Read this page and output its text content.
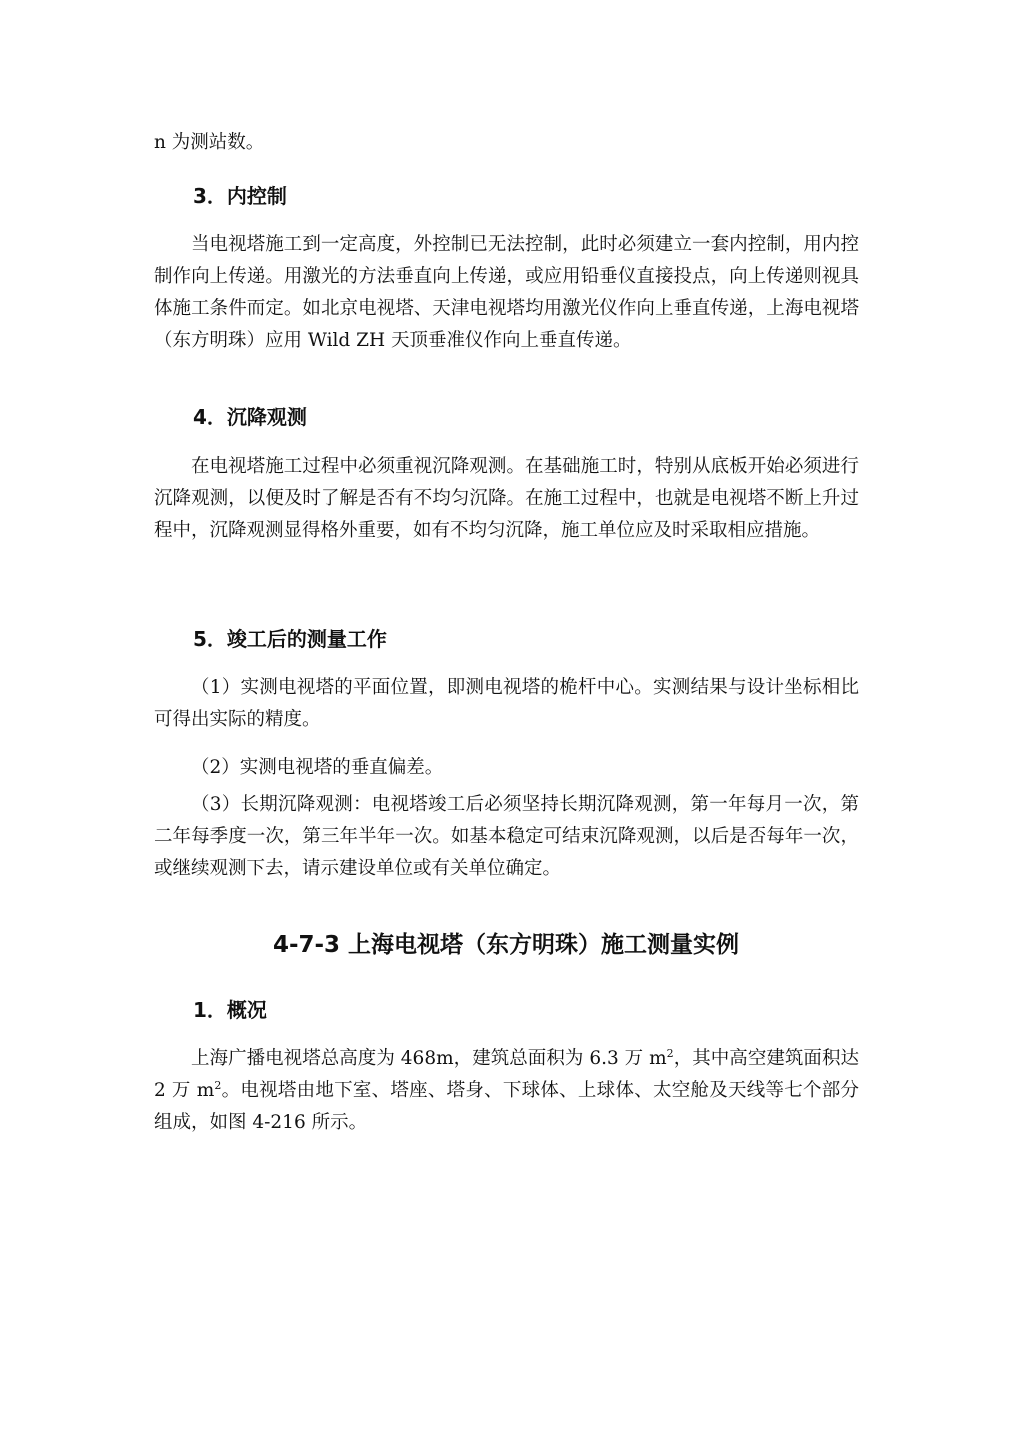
n 为测站数。

3．内控制

当电视塔施工到一定高度，外控制已无法控制，此时必须建立一套内控制，用内控制作向上传递。用激光的方法垂直向上传递，或应用铅垂仪直接投点，向上传递则视具体施工条件而定。如北京电视塔、天津电视塔均用激光仪作向上垂直传递，上海电视塔（东方明珠）应用 Wild ZH 天顶垂准仪作向上垂直传递。

4．沉降观测

在电视塔施工过程中必须重视沉降观测。在基础施工时，特别从底板开始必须进行沉降观测，以便及时了解是否有不均匀沉降。在施工过程中，也就是电视塔不断上升过程中，沉降观测显得格外重要，如有不均匀沉降，施工单位应及时采取相应措施。

5．竣工后的测量工作

（1）实测电视塔的平面位置，即测电视塔的桅杆中心。实测结果与设计坐标相比可得出实际的精度。

（2）实测电视塔的垂直偏差。

（3）长期沉降观测：电视塔竣工后必须坚持长期沉降观测，第一年每月一次，第二年每季度一次，第三年半年一次。如基本稳定可结束沉降观测，以后是否每年一次，或继续观测下去，请示建设单位或有关单位确定。

4-7-3 上海电视塔（东方明珠）施工测量实例
1．概况

上海广播电视塔总高度为 468m，建筑总面积为 6.3 万 $m^2$，其中高空建筑面积达 2 万 $m^2$。电视塔由地下室、塔座、塔身、下球体、上球体、太空舱及天线等七个部分组成，如图 4-216 所示。
